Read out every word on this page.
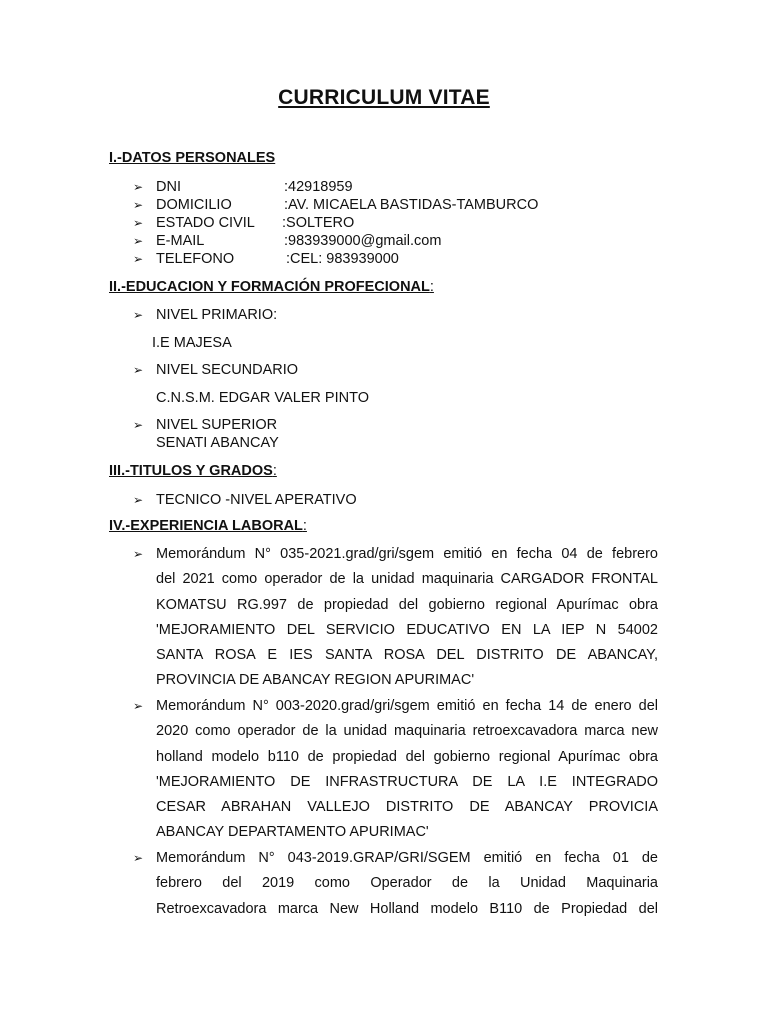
CURRICULUM VITAE
I.-DATOS PERSONALES
➢
DNI	:42918959
➢
DOMICILIO	:AV. MICAELA BASTIDAS-TAMBURCO
➢
ESTADO CIVIL :SOLTERO
➢
E-MAIL	:983939000@gmail.com
➢
TELEFONO	:CEL: 983939000
II.-EDUCACION Y FORMACIÓN PROFECIONAL:
➢
NIVEL PRIMARIO:
I.E MAJESA
➢
NIVEL SECUNDARIO
C.N.S.M. EDGAR VALER PINTO
➢
NIVEL SUPERIOR
SENATI ABANCAY
III.-TITULOS Y GRADOS:
➢
TECNICO -NIVEL APERATIVO
IV.-EXPERIENCIA LABORAL:
➢
Memorándum N° 035-2021.grad/gri/sgem emitió en fecha 04 de febrero
del 2021 como operador de la unidad maquinaria CARGADOR FRONTAL
KOMATSU RG.997 de propiedad del gobierno regional Apurímac obra
'MEJORAMIENTO DEL SERVICIO EDUCATIVO EN LA IEP N 54002
SANTA ROSA E IES SANTA ROSA DEL DISTRITO DE ABANCAY,
PROVINCIA DE ABANCAY REGION APURIMAC'
➢
Memorándum N° 003-2020.grad/gri/sgem emitió en fecha 14 de enero del
2020 como operador de la unidad maquinaria retroexcavadora marca new
holland modelo b110 de propiedad del gobierno regional Apurímac obra
'MEJORAMIENTO DE INFRASTRUCTURA DE LA I.E INTEGRADO
CESAR ABRAHAN VALLEJO DISTRITO DE ABANCAY PROVICIA
ABANCAY DEPARTAMENTO APURIMAC'
➢
Memorándum N° 043-2019.GRAP/GRI/SGEM emitió en fecha 01 de
febrero del 2019 como Operador de la Unidad Maquinaria
Retroexcavadora marca New Holland modelo B110 de Propiedad del
